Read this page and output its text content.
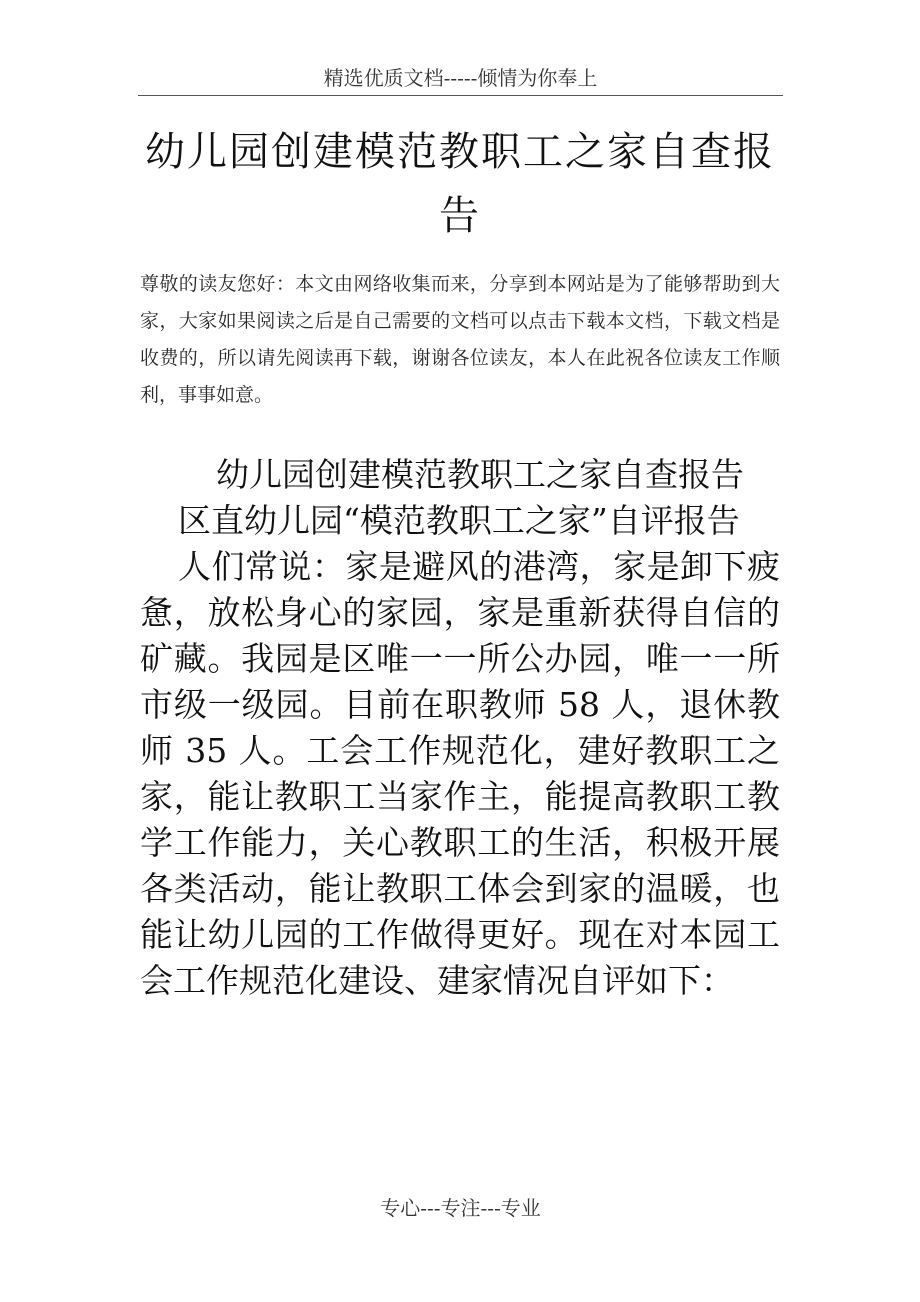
精选优质文档-----倾情为你奉上
幼儿园创建模范教职工之家自查报告
尊敬的读友您好：本文由网络收集而来，分享到本网站是为了能够帮助到大家，大家如果阅读之后是自己需要的文档可以点击下载本文档，下载文档是收费的，所以请先阅读再下载，谢谢各位读友，本人在此祝各位读友工作顺利，事事如意。

幼儿园创建模范教职工之家自查报告

区直幼儿园“模范教职工之家”自评报告

人们常说：家是避风的港湾，家是卸下疲惫，放松身心的家园，家是重新获得自信的矿藏。我园是区唯一一所公办园，唯一一所市级一级园。目前在职教师 58 人，退休教师 35 人。工会工作规范化，建好教职工之家，能让教职工当家作主，能提高教职工教学工作能力，关心教职工的生活，积极开展各类活动，能让教职工体会到家的温暖，也能让幼儿园的工作做得更好。现在对本园工会工作规范化建设、建家情况自评如下：

专心---专注---专业
